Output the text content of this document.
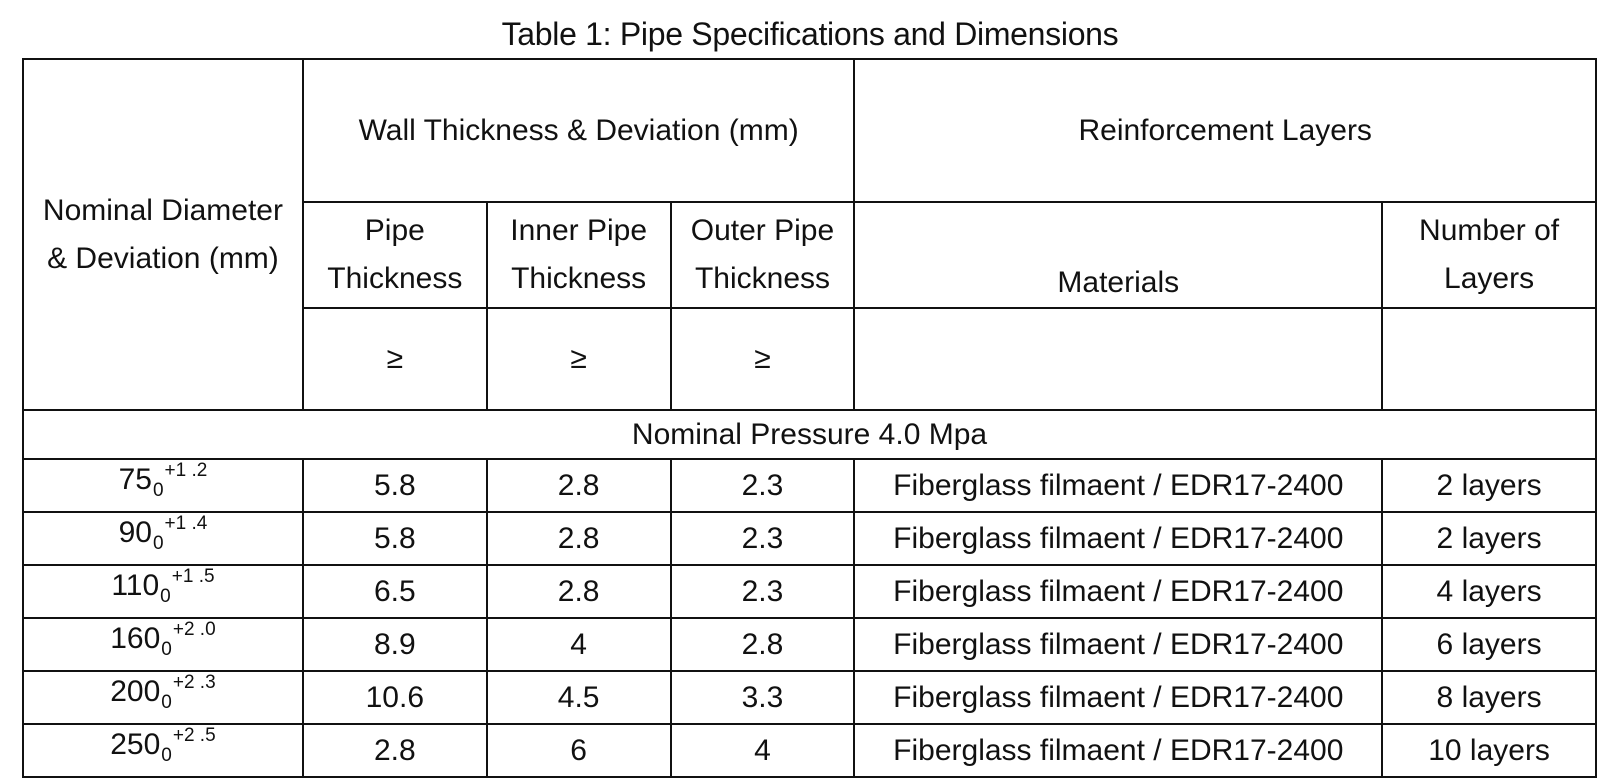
Table 1: Pipe Specifications and Dimensions
Nominal Diameter & Deviation (mm)	Wall Thickness & Deviation (mm)			Reinforcement Layers	
	Pipe Thickness	Inner Pipe Thickness	Outer Pipe Thickness	Materials	Number of Layers
	≥	≥	≥		
Nominal Pressure 4.0 Mpa					
$75_0^{+1 .2}$	5.8	2.8	2.3	Fiberglass filmaent / EDR17-2400	2 layers
$90_0^{+1 .4}$	5.8	2.8	2.3	Fiberglass filmaent / EDR17-2400	2 layers
$110_0^{+1 .5}$	6.5	2.8	2.3	Fiberglass filmaent / EDR17-2400	4 layers
$160_0^{+2 .0}$	8.9	4	2.8	Fiberglass filmaent / EDR17-2400	6 layers
$200_0^{+2 .3}$	10.6	4.5	3.3	Fiberglass filmaent / EDR17-2400	8 layers
$250_0^{+2 .5}$	2.8	6	4	Fiberglass filmaent / EDR17-2400	10 layers
